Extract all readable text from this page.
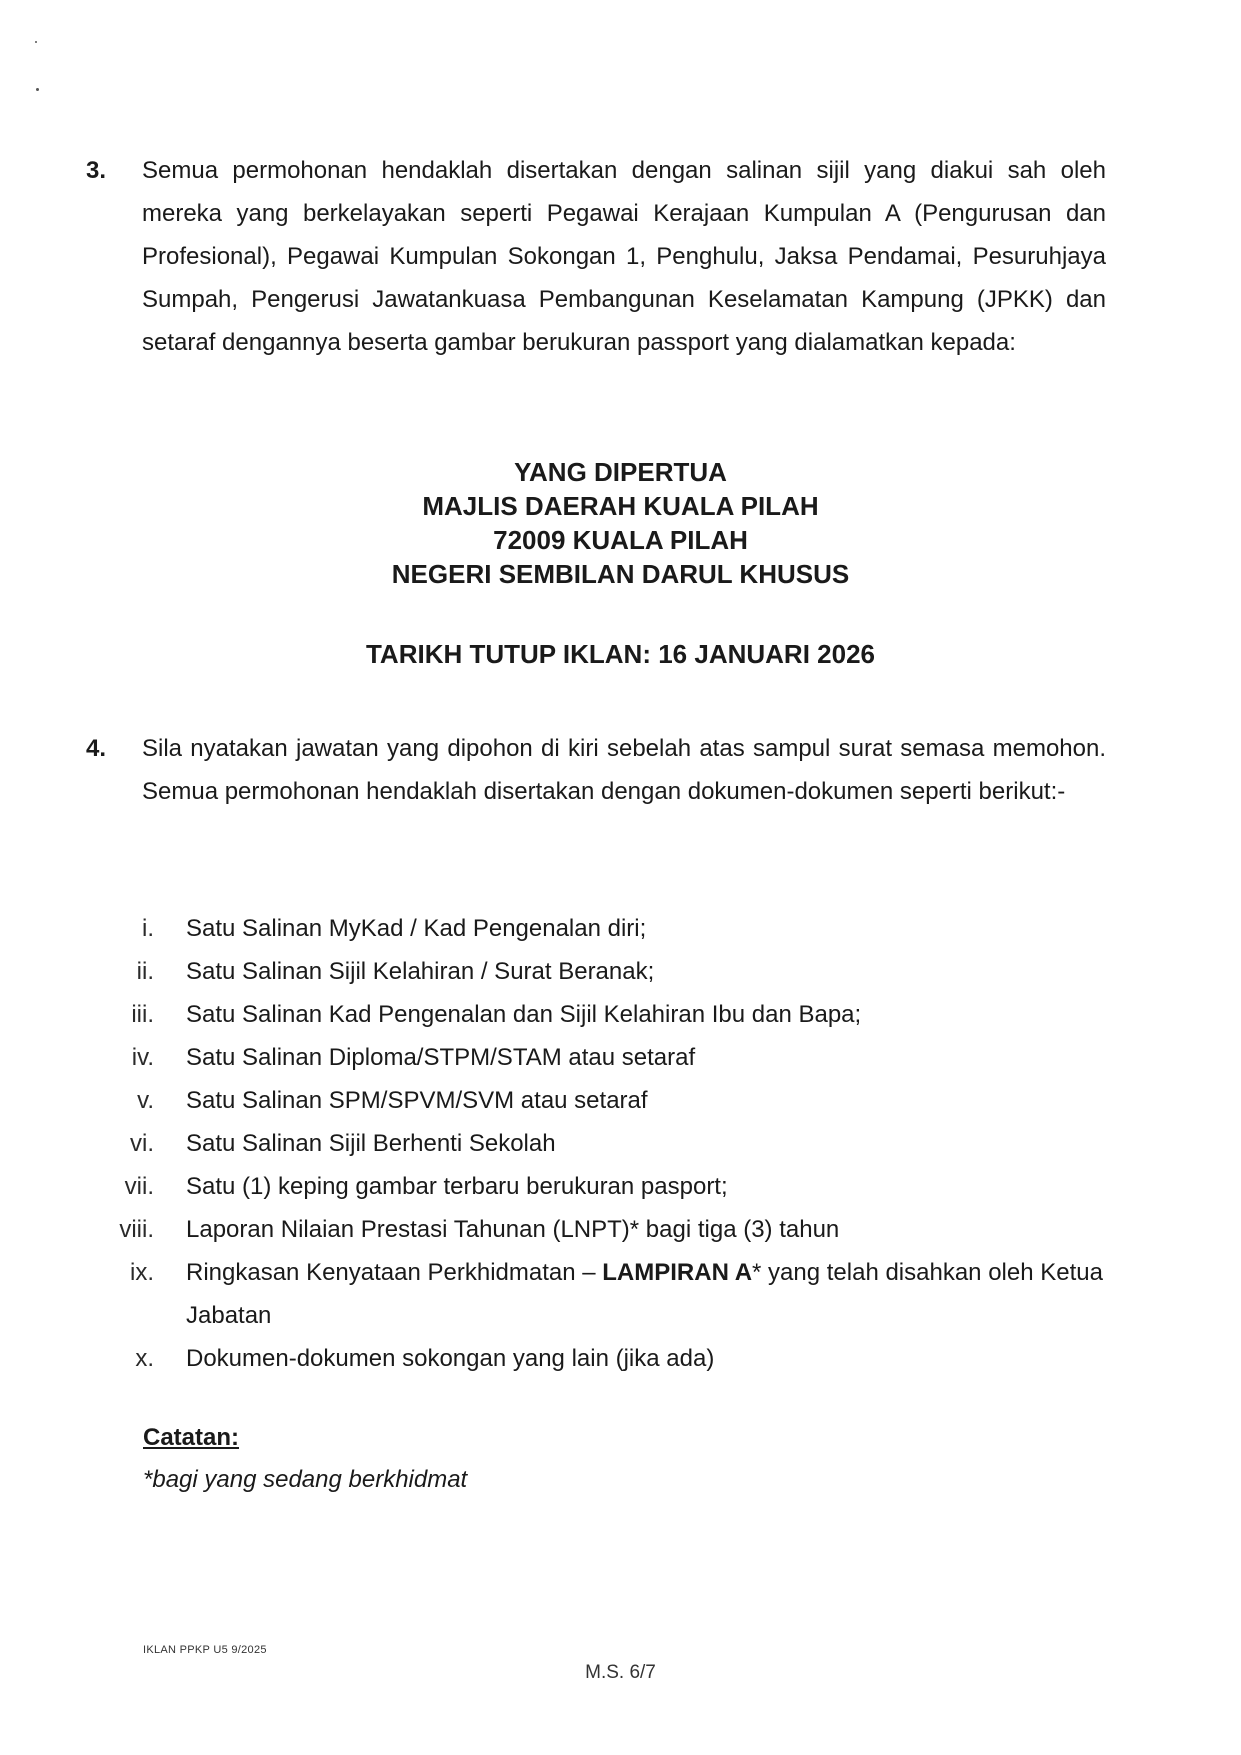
3. Semua permohonan hendaklah disertakan dengan salinan sijil yang diakui sah oleh mereka yang berkelayakan seperti Pegawai Kerajaan Kumpulan A (Pengurusan dan Profesional), Pegawai Kumpulan Sokongan 1, Penghulu, Jaksa Pendamai, Pesuruhjaya Sumpah, Pengerusi Jawatankuasa Pembangunan Keselamatan Kampung (JPKK) dan setaraf dengannya beserta gambar berukuran passport yang dialamatkan kepada:
YANG DIPERTUA
MAJLIS DAERAH KUALA PILAH
72009 KUALA PILAH
NEGERI SEMBILAN DARUL KHUSUS
TARIKH TUTUP IKLAN: 16 JANUARI 2026
4. Sila nyatakan jawatan yang dipohon di kiri sebelah atas sampul surat semasa memohon. Semua permohonan hendaklah disertakan dengan dokumen-dokumen seperti berikut:-
i.	Satu Salinan MyKad / Kad Pengenalan diri;
ii.	Satu Salinan Sijil Kelahiran / Surat Beranak;
iii.	Satu Salinan Kad Pengenalan dan Sijil Kelahiran Ibu dan Bapa;
iv.	Satu Salinan Diploma/STPM/STAM atau setaraf
v.	Satu Salinan SPM/SPVM/SVM atau setaraf
vi.	Satu Salinan Sijil Berhenti Sekolah
vii.	Satu (1) keping gambar terbaru berukuran pasport;
viii.	Laporan Nilaian Prestasi Tahunan (LNPT)* bagi tiga (3) tahun
ix.	Ringkasan Kenyataan Perkhidmatan – LAMPIRAN A* yang telah disahkan oleh Ketua Jabatan
x.	Dokumen-dokumen sokongan yang lain (jika ada)
Catatan:
*bagi yang sedang berkhidmat
IKLAN PPKP U5 9/2025
M.S. 6/7
